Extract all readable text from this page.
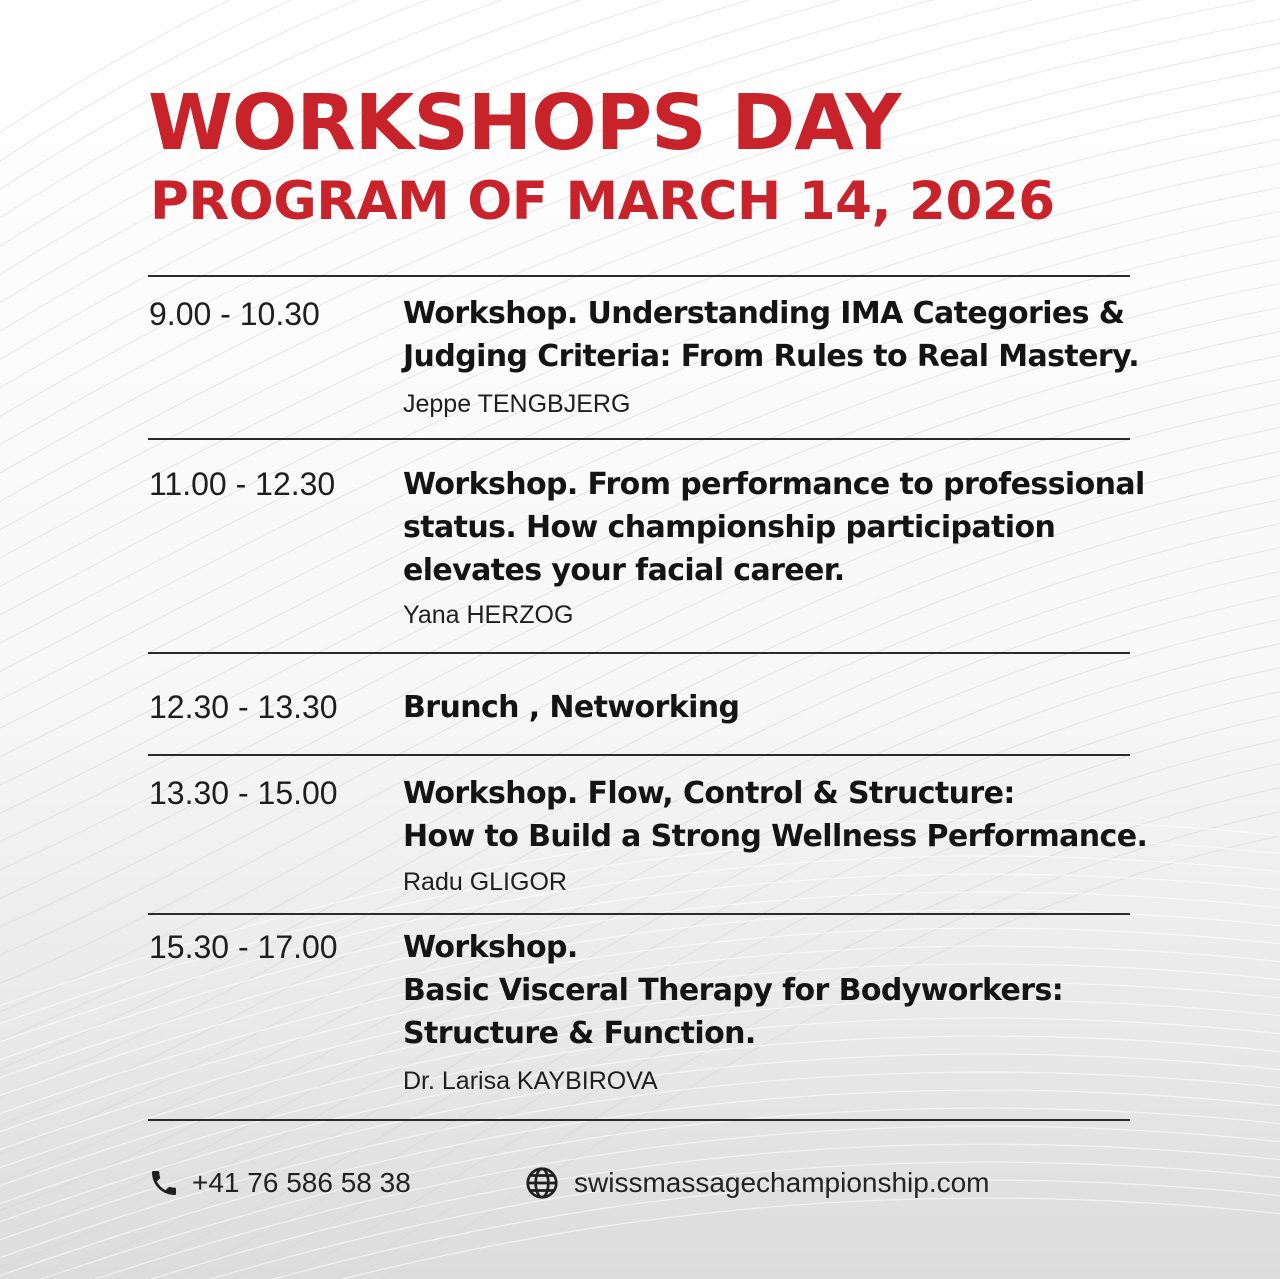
WORKSHOPS DAY
PROGRAM OF MARCH 14, 2026
9.00 - 10.30	Workshop. Understanding IMA Categories &
Judging Criteria: From Rules to Real Mastery.
Jeppe TENGBJERG
11.00 - 12.30 Workshop. From performance to professional
status. How championship participation
elevates your facial career.
Yana HERZOG
12.30 - 13.30 Brunch , Networking
13.30 - 15.00 Workshop. Flow, Control & Structure:
How to Build a Strong Wellness Performance.
Radu GLIGOR
15.30 - 17.00 Workshop.
Basic Visceral Therapy for Bodyworkers:
Structure & Function.
Dr. Larisa KAYBIROVA
+41 76 586 58 38	swissmassagechampionship.com
